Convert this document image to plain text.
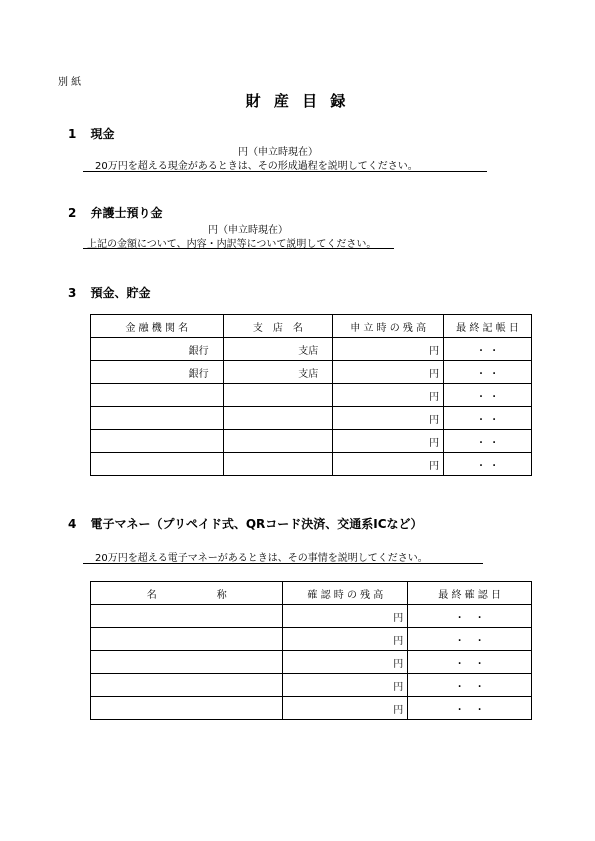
別 紙
財 産 目 録
1 現金
円（申立時現在）
20万円を超える現金があるときは、その形成過程を説明してください。
2 弁護士預り金
円（申立時現在）
上記の金額について、内容・内訳等について説明してください。
3 預金、貯金
金 融 機 関 名	支　店　名	申 立 時 の 残 高	最 終 記 帳 日
銀行	支店	円	・ ・
銀行	支店	円	・ ・
		円	・ ・
		円	・ ・
		円	・ ・
		円	・ ・
4 電子マネー（プリペイド式、QRコード決済、交通系ICなど）
20万円を超える電子マネーがあるときは、その事情を説明してください。
名　　　　　　称	確 認 時 の 残 高	最 終 確 認 日
	円	・　・
	円	・　・
	円	・　・
	円	・　・
	円	・　・
